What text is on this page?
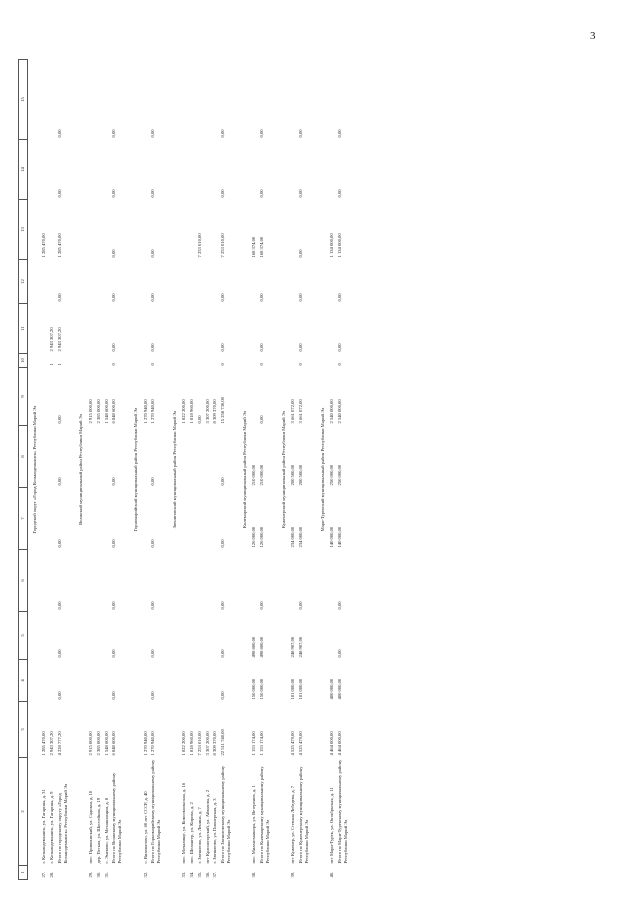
3
1	2	3	4	5	6	7	8	9	10	11	12	13	14	15
Городской округ «Город Козьмодемьянск» Республики Марий Эл														
27.	г. Козьмодемьянск, ул. Гагарина, д. 31	1 285 470,00										1 285 470,00		
28.	г. Козьмодемьянск, ул. Гагарина, д. 9	2 943 307,20							1	2 943 307,20				
	Итого по городскому округу «Город Козьмодемьянск» Республики Марий Эл	4 228 777,20	0,00	0,00	0,00	0,00	0,00	0,00	1	2 943 307,20	0,00	1 285 470,00	0,00	0,00
Волжский муниципальный район Республики Марий Эл														
29.	пос. Приволжский, ул. Садовая, д. 10	2 915 000,00						2 915 000,00						
30.	дер. Петьял, ул. Шоссейная, д. 19	2 385 000,00						2 385 000,00						
31.	с. Эмеково, ул. Механизации, д. 8	1 548 600,00						1 548 600,00						
	Итого по Волжскому муниципальному району Республики Марий Эл	6 848 600,00	0,00	0,00	0,00	0,00	0,00	6 848 600,00	0	0,00	0,00	0,00	0,00	0,00
Горномарийский муниципальный район Республики Марий Эл														
32.	с. Виловатово, ул. 60 лет СССР, д. 40	1 270 940,00						1 270 940,00						
	Итого по Горномарийскому муниципальному району Республики Марий Эл	1 270 940,00	0,00	0,00	0,00	0,00	0,00	1 270 940,00	0	0,00	0,00	0,00	0,00	0,00
Звениговский муниципальный район Республики Марий Эл														
33.	пос. Мочалище, ул. Комсомольская, д. 16	1 822 200,00						1 822 200,00						
34.	пос. Шелангер, ул. Кирова, д. 2	1 818 960,00						1 818 960,00						
35.	г. Звенигово, ул. Ленина, д. 7	7 253 010,00						0,00				7 253 010,00		
36.	пгт Красногорский, ул. Айвазова, д. 2	3 307 200,00						3 307 200,00						
37.	г. Звенигово, ул. Пионерская, д. 3	8 309 370,00						8 309 370,00						
	Итого по Звениговскому муниципальному району Республики Марий Эл	22 511 740,00	0,00	0,00	0,00	0,00	0,00	15 258 730,00	0	0,00	0,00	7 253 010,00	0,00	0,00
Килемарский муниципальный район Республики Марий Эл														
38.	пос. Милантмашора, ул. Ветеранов, д. 1	1 153 174,00	150 000,00	498 800,00		126 000,00	210 000,00					168 374,00		
	Итого по Килемарскому муниципальному району Республики Марий Эл	1 153 174,00	150 000,00	498 800,00	0,00	126 000,00	210 000,00	0,00	0	0,00	0,00	168 374,00	0,00	0,00
Куженерский муниципальный район Республики Марий Эл														
39.	пгт Куженер, ул. Степана Лебедева, д. 7	4 525 479,00	181 000,00	248 907,00		234 000,00	200 500,00	3 661 072,00						
	Итого по Куженерскому муниципальному району Республики Марий Эл	4 525 479,00	181 000,00	248 907,00	0,00	234 000,00	200 500,00	3 661 072,00	0	0,00	0,00	0,00	0,00	0,00
Мари-Турекский муниципальный район Республики Марий Эл														
40.	пгт Мари-Турек, ул. Октябрьская, д. 11	4 464 000,00	400 000,00			140 000,00	250 000,00	2 540 000,00				1 134 000,00		
	Итого по Мари-Турекскому муниципальному району Республики Марий Эл	4 464 000,00	400 000,00	0,00	0,00	140 000,00	250 000,00	2 540 000,00	0	0,00	0,00	1 134 000,00	0,00	0,00
